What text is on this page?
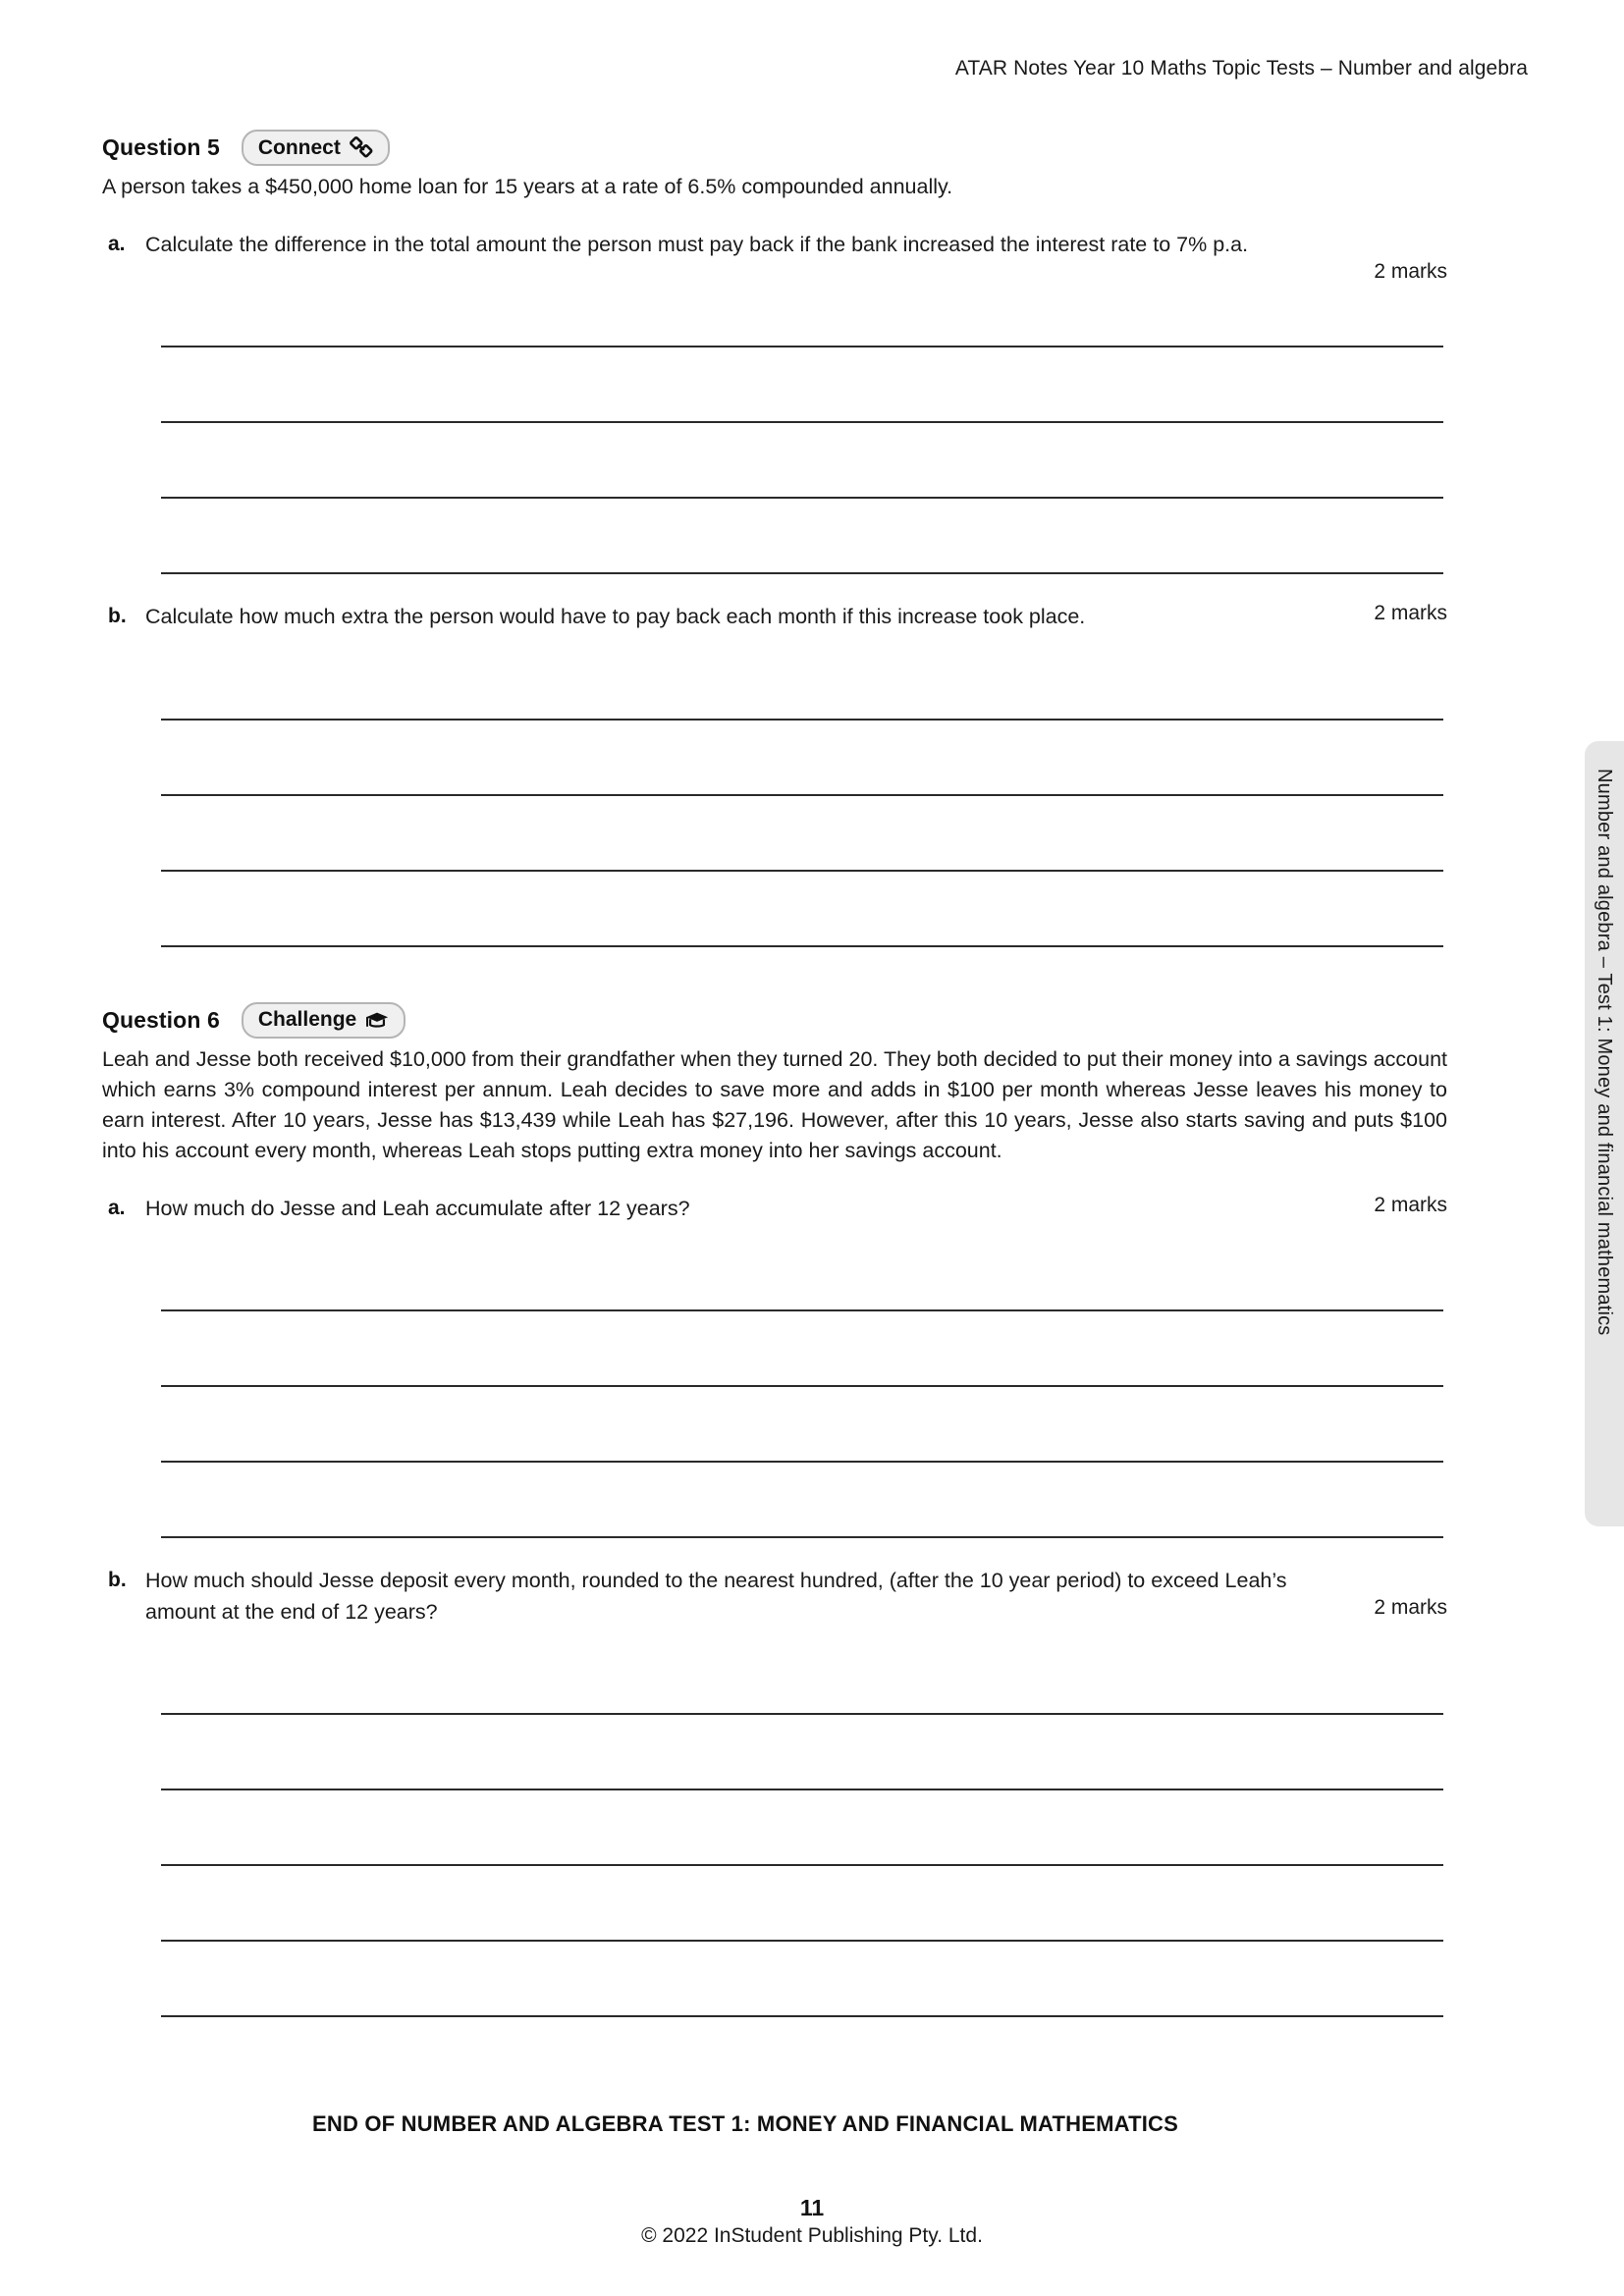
ATAR Notes Year 10 Maths Topic Tests – Number and algebra
Number and algebra – Test 1: Money and financial mathematics
Question 5 Connect

A person takes a $450,000 home loan for 15 years at a rate of 6.5% compounded annually.

a. Calculate the difference in the total amount the person must pay back if the bank increased the interest rate to 7% p.a.
2 marks
b. Calculate how much extra the person would have to pay back each month if this increase took place.	2 marks
Question 6 Challenge

Leah and Jesse both received $10,000 from their grandfather when they turned 20. They both decided to put their money into a savings account which earns 3% compound interest per annum. Leah decides to save more and adds in $100 per month whereas Jesse leaves his money to earn interest. After 10 years, Jesse has $13,439 while Leah has $27,196. However, after this 10 years, Jesse also starts saving and puts $100 into his account every month, whereas Leah stops putting extra money into her savings account.

a. How much do Jesse and Leah accumulate after 12 years?	2 marks
b. How much should Jesse deposit every month, rounded to the nearest hundred, (after the 10 year period) to exceed Leah’s amount at the end of 12 years?	2 marks
END OF NUMBER AND ALGEBRA TEST 1: MONEY AND FINANCIAL MATHEMATICS
11
© 2022 InStudent Publishing Pty. Ltd.
